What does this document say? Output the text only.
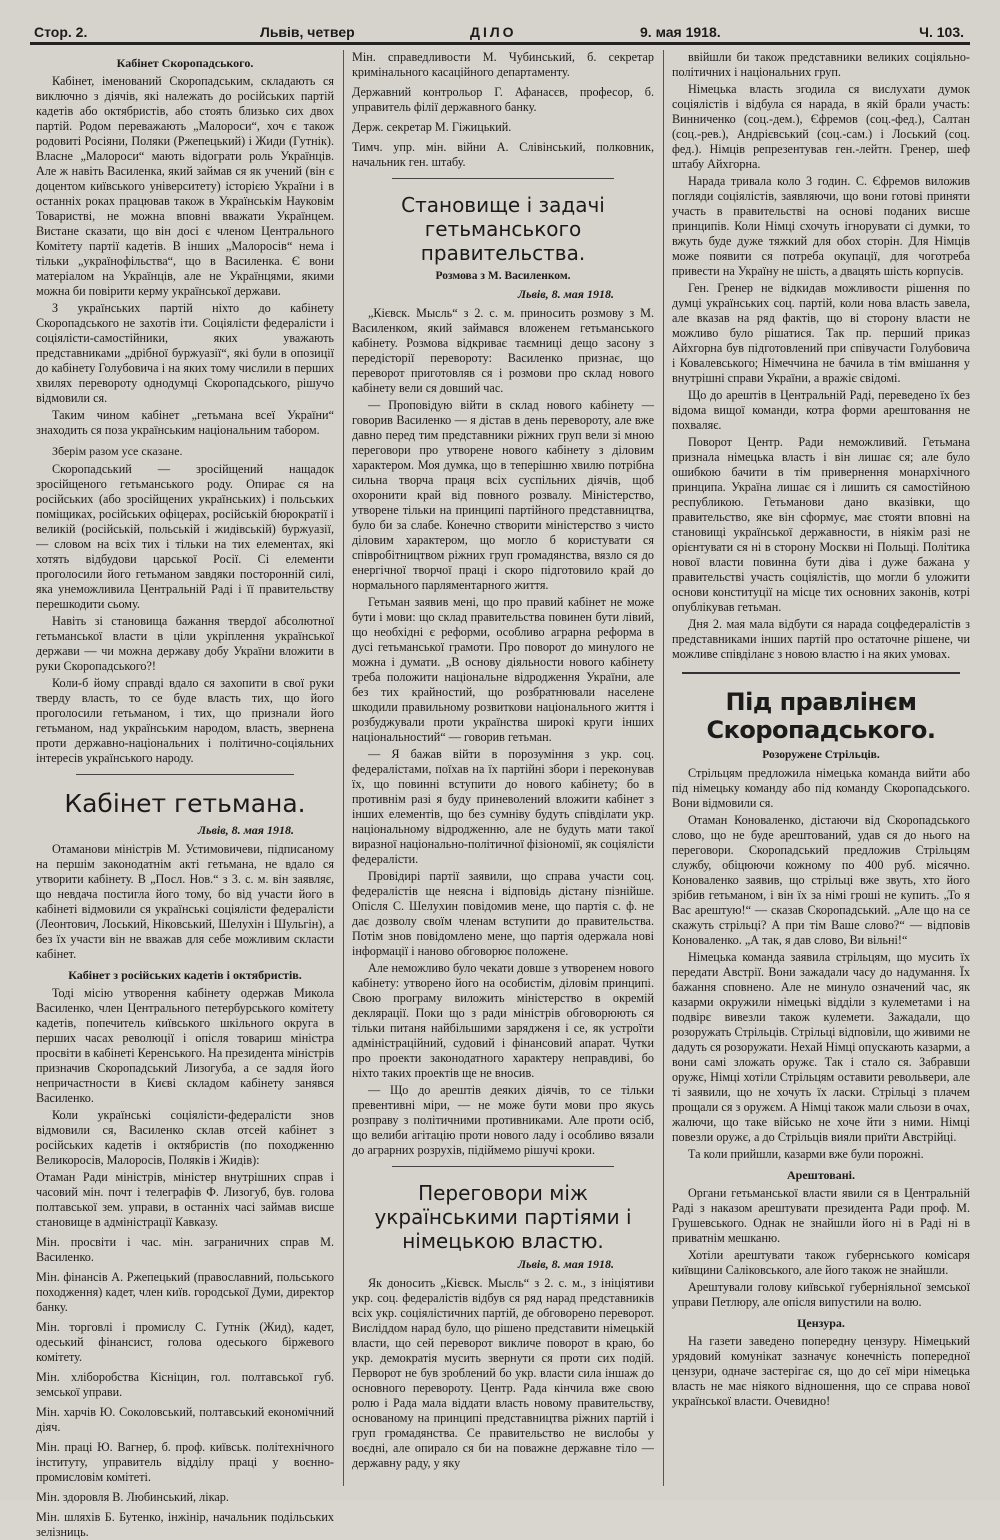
Стор. 2.	Львів, четвер	ДІЛО	9. мая 1918.	Ч. 103.
Кабінет Скоропадського.

Кабінет, іменований Скоропадським, складають ся виключно з діячів, які належать до російських партій кадетів або октябристів, або стоять близько сих двох партій. Родом переважають „Малороси“, хоч є також родовиті Росіяни, Поляки (Ржепецький) і Жиди (Гутнік). Власне „Малороси“ мають відограти роль Українців. Але ж навіть Василенка, який займав ся як учений (він є доцентом київського університету) історією України і в останніх роках працював також в Українськім Науковім Товаристві, не можна вповні вважати Українцем. Вистане сказати, що він досі є членом Центрального Комітету партії кадетів. В інших „Малоросів“ нема і тільки „українофільства“, що в Василенка. Є вони матеріалом на Українців, але не Українцями, якими можна би повірити керму української держави.

З українських партій ніхто до кабінету Скоропадського не захотів іти. Соціялісти федералісти і соціялісти-самостійники, яких уважають представниками „дрібної буржуазії“, які були в опозиції до кабінету Голубовича і на яких тому числили в перших хвилях перевороту однодумці Скоропадського, рішучо відмовили ся.

Таким чином кабінет „гетьмана всеї України“ знаходить ся поза українським національним табором.

Зберім разом усе сказане.

Скоропадський — зросійщений нащадок зросійщеного гетьманського роду. Опирає ся на російських (або зросійщених українських) і польських поміщиках, російських офіцерах, російській бюрократії і великій (російській, польській і жидівській) буржуазії, — словом на всіх тих і тільки на тих елементах, які хотять відбудови царської Росії. Сі елементи проголосили його гетьманом завдяки посторонній силі, яка унеможливила Центральній Раді і її правительству перешкодити сьому.

Навіть зі становища бажання твердої абсолютної гетьманської власти в ціли укріплення української держави — чи можна державу добу України вложити в руки Скоропадського?!

Коли-б йому справді вдало ся захопити в свої руки тверду власть, то се буде власть тих, що його проголосили гетьманом, і тих, що признали його гетьманом, над українським народом, власть, звернена проти державно-національних і політично-соціяльних інтересів українського народу.

Кабінет гетьмана.
Львів, 8. мая 1918.

Отаманови міністрів М. Устимовичеви, підписаному на першім законодатнім акті гетьмана, не вдало ся утворити кабінету. В „Посл. Нов.“ з 3. с. м. він заявляє, що невдача постигла його тому, бо від участи його в кабінеті відмовили ся українські соціялісти федералісти (Леонтович, Лоський, Ніковський, Шелухін і Шульгін), а без їх участи він не вважав для себе можливим скласти кабінет.

Кабінет з російських кадетів і октябристів.

Тоді місію утворення кабінету одержав Микола Василенко, член Центрального петербурського комітету кадетів, попечитель київського шкільного округа в перших часах революції і опісля товариш міністра просвіти в кабінеті Керенського. На президента міністрів призначив Скоропадський Лизогуба, а се задля його непричастности в Києві складом кабінету занявся Василенко.

Коли українські соціялісти-федералісти знов відмовили ся, Василенко склав отсей кабінет з російських кадетів і октябристів (по походженню Великоросів, Малоросів, Поляків і Жидів):

Отаман Ради міністрів, міністер внутрішних справ і часовий мін. почт і телеграфів Ф. Лизогуб, був. голова полтавської зем. управи, в останніх часі займав висше становище в адміністрації Кавказу.

Мін. просвіти і час. мін. заграничних справ М. Василенко.

Мін. фінансів А. Ржепецький (православний, польського походження) кадет, член київ. городської Думи, директор банку.

Мін. торговлі і промислу С. Гутнік (Жид), кадет, одеський фінансист, голова одеського біржевого комітету.

Мін. хліборобства Кісніцин, гол. полтавської губ. земської управи.

Мін. харчів Ю. Соколовський, полтавський економічний діяч.

Мін. праці Ю. Вагнер, б. проф. київськ. політехнічного інституту, управитель відділу праці у воєнно-промисловім комітеті.

Мін. здоровля В. Любинський, лікар.

Мін. шляхів Б. Бутенко, інжінір, начальник подільських зелізниць.

Мін. справедливости М. Чубинський, б. секретар кримінального касаційного департаменту.

Державний контрольор Г. Афанасєв, професор, б. управитель філії державного банку.

Держ. секретар М. Гіжицький.

Тимч. упр. мін. війни А. Слівінський, полковник, начальник ген. штабу.

Становище і задачі гетьманського правительства.
Розмова з М. Василенком.
Львів, 8. мая 1918.

„Кієвск. Мысль“ з 2. с. м. приносить розмову з М. Василенком, який займався вложенем гетьманського кабінету. Розмова відкриває таємниці дещо засону з передісторії перевороту: Василенко признає, що переворот приготовляв ся і розмови про склад нового кабінету вели ся довший час.

— Проповідую війти в склад нового кабінету — говорив Василенко — я дістав в день перевороту, але вже давно перед тим представники ріжних груп вели зі мною переговори про утворене нового кабінету з діловим характером. Моя думка, що в теперішню хвилю потрібна сильна творча праця всіх суспільних діячів, щоб охоронити край від повного розвалу. Міністерство, утворене тільки на принципі партійного представництва, було би за слабе. Конечно створити міністерство з чисто діловим характером, що могло б користувати ся співробітництвом ріжних груп громадянства, вязло ся до енергічної творчої праці і скоро підготовило край до нормального парляментарного життя.

Гетьман заявив мені, що про правий кабінет не може бути і мови: що склад правительства повинен бути лівий, що необхідні є реформи, особливо аграрна реформа в дусі гетьманської грамоти. Про поворот до минулого не можна і думати. „В основу діяльности нового кабінету треба положити національне відродження України, але без тих крайностий, що розбратнювали населене шкодили правильному розвиткови національного життя і розбуджували проти українства широкі круги інших національностий“ — говорив гетьман.

— Я бажав війти в порозуміння з укр. соц. федералістами, поїхав на їх партійні збори і переконував їх, що повинні вступити до нового кабінету; бо в противнім разі я буду приневолений вложити кабінет з інших елементів, що без сумніву будуть співділати укр. національному відродженню, але не будуть мати такої виразної національно-політичної фізіономії, як соціялісти федералісти.

Провідирі партії заявили, що справа участи соц. федералістів ще неясна і відповідь дістану пізнійше. Опісля С. Шелухин повідомив мене, що партія с. ф. не дає дозволу своїм членам вступити до правительства. Потім знов повідомлено мене, що партія одержала нові інформації і наново обговорює положене.

Але неможливо було чекати довше з утворенем нового кабінету: утворено його на особистім, діловім принципі. Свою програму виложить міністерство в окремій деклярації. Поки що з ради міністрів обговорюють ся тільки питаня найбільшими зарядженя і се, як устроїти адміністраційний, судовий і фінансовий апарат. Чутки про проекти законодатного характеру неправдиві, бо ніхто таких проектів ще не вносив.

— Що до арештів деяких діячів, то се тільки превентивні міри, — не може бути мови про якусь розправу з політичними противниками. Але проти осіб, що велиби агітацію проти нового ладу і особливо вязали до аграрних розрухів, підіймемо рішучі кроки.

Переговори між українськими партіями і німецькою властю.
Львів, 8. мая 1918.

Як доносить „Кієвск. Мысль“ з 2. с. м., з ініціятиви укр. соц. федералістів відбув ся ряд нарад представників всіх укр. соціялістичних партій, де обговорено переворот. Висліддом нарад було, що рішено представити німецькій власти, що сей переворот викличе поворот в краю, бо укр. демократія мусить звернути ся проти сих подій. Перворот не був зроблений бо укр. власти сила іншаж до основного перевороту. Центр. Рада кінчила вже свою ролю і Рада мала віддати власть новому правительству, основаному на принципі представництва ріжних партій і груп громадянства. Се правительство не вислобы у воєдні, але опирало ся би на поважне державне тіло — державну раду, у яку

ввійшли би також представники великих соціяльно-політичних і національних груп.

Німецька власть згодила ся вислухати думок соціялістів і відбула ся нарада, в якій брали участь: Винниченко (соц.-дем.), Єфремов (соц.-фед.), Салтан (соц.-рев.), Андрієвський (соц.-сам.) і Лоський (соц. фед.). Німців репрезентував ген.-лейтн. Гренер, шеф штабу Айхгорна.

Нарада тривала коло 3 годин. С. Єфремов виложив погляди соціялістів, заявляючи, що вони готові приняти участь в правительстві на основі поданих висше принципів. Коли Німці схочуть ігнорувати сі думки, то вжуть буде дуже тяжкий для обох сторін. Для Німців може появити ся потреба окупації, для чоготреба привести на Україну не шість, а двацять шість корпусів.

Ген. Гренер не відкидав можливости рішення по думці українських соц. партій, коли нова власть завела, але вказав на ряд фактів, що ві сторону власти не можливо було рішатися. Так пр. перший приказ Айхгорна був підготовлений при співучасти Голубовича і Ковалевського; Німеччина не бачила в тім вмішання у внутрішні справи України, а вражіє свідомі.

Що до арештів в Центральній Раді, переведено їх без відома вищої команди, котра форми арештовання не похваляє.

Поворот Центр. Ради неможливий. Гетьмана признала німецька власть і він лишає ся; але було ошибкою бачити в тім привернення монархічного принципа. Україна лишає ся і лишить ся самостійною республикою. Гетьманови дано вказівки, що правительство, яке він сформує, має стояти вповні на становищі української державности, в ніякім разі не орієнтувати ся ні в сторону Москви ні Польщі. Політика нової власти повинна бути діва і дуже бажана у правительстві участь соціялістів, що могли б уложити основи конституції на місце тих основних законів, котрі опублікував гетьман.

Дня 2. мая мала відбути ся нарада соцфедералістів з представниками інших партій про остаточне рішене, чи можливе співділанє з новою властю і на яких умовах.

Під правлінєм Скоропадського.
Розоружене Стрільців.

Стрільцям предложила німецька команда вийти або під німецьку команду або під команду Скоропадського. Вони відмовили ся.

Отаман Коноваленко, дістаючи від Скоропадського слово, що не буде арештований, удав ся до нього на переговори. Скоропадський предложив Стрільцям службу, обіцюючи кожному по 400 руб. місячно. Коноваленко заявив, що стрільці вже звуть, хто його зрібив гетьманом, і він їх за німі гроші не купить. „То я Вас арештую!“ — сказав Скоропадський. „Але що на се скажуть стрільці? А при тім Ваше слово?“ — відповів Коноваленко. „А так, я дав слово, Ви вільні!“

Німецька команда заявила стрільцям, що мусить їх передати Австрії. Вони зажадали часу до надумання. Їх бажання сповнено. Але не минуло означений час, як казарми окружили німецькі відділи з кулеметами і на подвірє вивезли також кулемети. Зажадали, що розоружать Стрільців. Стрільці відповіли, що живими не дадуть ся розоружати. Нехай Німці опускають казарми, а вони самі зложать оружє. Так і стало ся. Забравши оружє, Німці хотіли Стрільцям оставити револьвери, але ті заявили, що не хочуть їх ласки. Стрільці з плачем прощали ся з оружєм. А Німці також мали сльози в очах, жалючи, що таке військо не хоче йти з ними. Німці повезли оружє, а до Стрільців вияли приїти Австрійці.

Та коли прийшли, казарми вже були порожні.

Арештовані.

Органи гетьманської власти явили ся в Центральній Раді з наказом арештувати президента Ради проф. М. Грушевського. Однак не знайшли його ні в Раді ні в приватнім мешканю.

Хотіли арештувати також губернського комісаря київщини Саліковського, але його також не знайшли.

Арештували голову київської губерніяльної земської управи Петлюру, але опісля випустили на волю.

Цензура.

На газети заведено попередну цензуру. Німецький урядовий комунікат зазначує конечність попередної цензури, одначе застерігає ся, що до сеї міри німецька власть не має ніякого відношення, що се справа нової української власти. Очевидно!
